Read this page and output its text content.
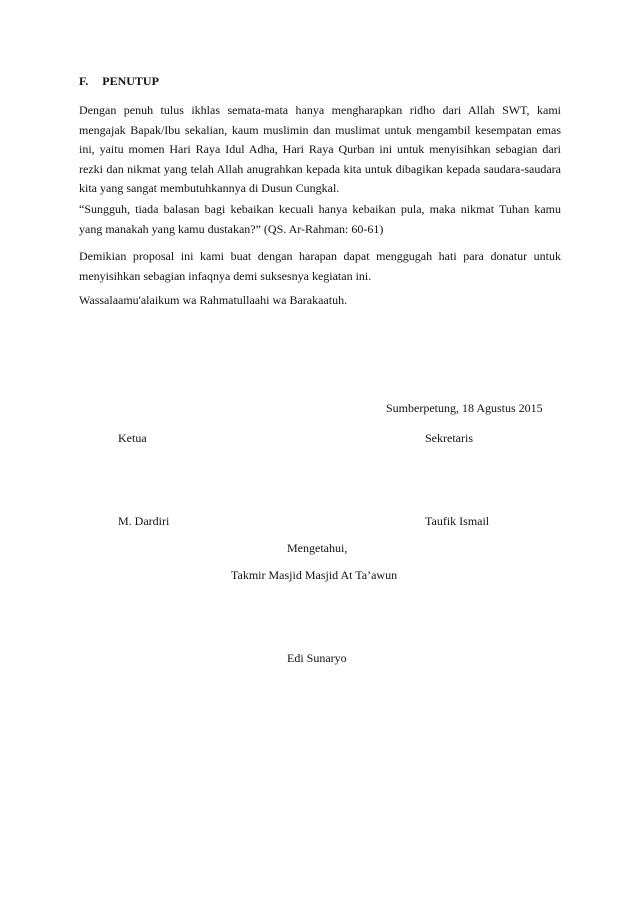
F. PENUTUP

Dengan penuh tulus ikhlas semata-mata hanya mengharapkan ridho dari Allah SWT, kami mengajak Bapak/Ibu sekalian, kaum muslimin dan muslimat untuk mengambil kesempatan emas ini, yaitu momen Hari Raya Idul Adha, Hari Raya Qurban ini untuk menyisihkan sebagian dari rezki dan nikmat yang telah Allah anugrahkan kepada kita untuk dibagikan kepada saudara-saudara kita yang sangat membutuhkannya di Dusun Cungkal.

“Sungguh, tiada balasan bagi kebaikan kecuali hanya kebaikan pula, maka nikmat Tuhan kamu yang manakah yang kamu dustakan?” (QS. Ar-Rahman: 60-61)

Demikian proposal ini kami buat dengan harapan dapat menggugah hati para donatur untuk menyisihkan sebagian infaqnya demi suksesnya kegiatan ini.

Wassalaamu'alaikum wa Rahmatullaahi wa Barakaatuh.

Sumberpetung, 18 Agustus 2015

Ketua	Sekretaris

M. Dardiri	Taufik Ismail

Mengetahui,

Takmir Masjid Masjid At Ta’awun

Edi Sunaryo
